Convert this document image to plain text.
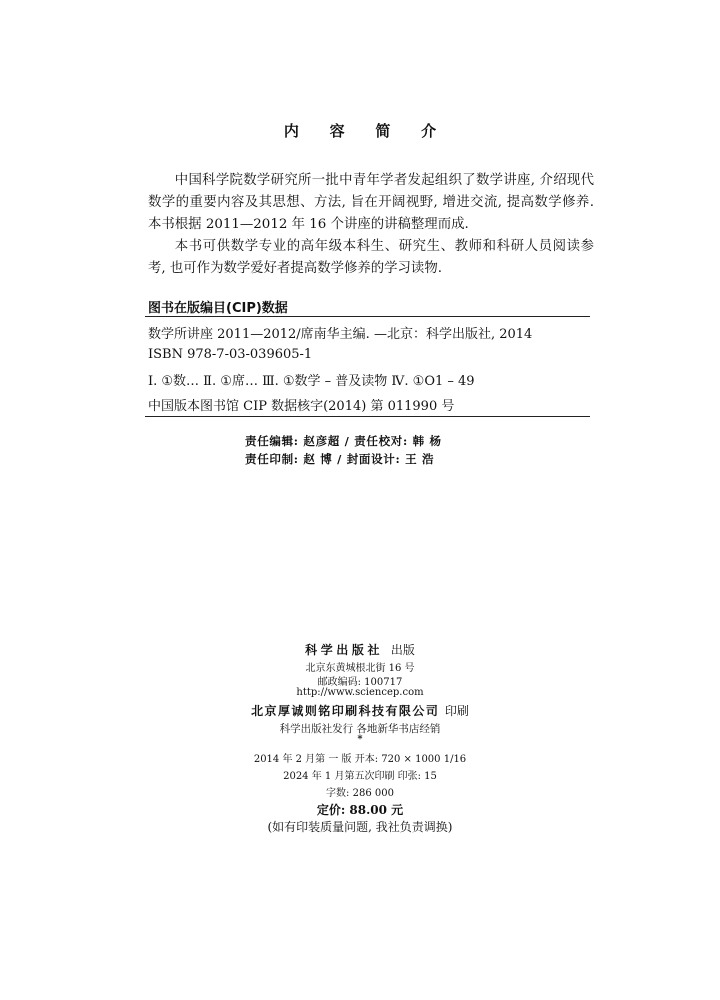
内 容 简 介

中国科学院数学研究所一批中青年学者发起组织了数学讲座, 介绍现代数学的重要内容及其思想、方法, 旨在开阔视野, 增进交流, 提高数学修养. 本书根据 2011—2012 年 16 个讲座的讲稿整理而成.

本书可供数学专业的高年级本科生、研究生、教师和科研人员阅读参考, 也可作为数学爱好者提高数学修养的学习读物.

图书在版编目(CIP)数据
数学所讲座 2011—2012/席南华主编. —北京：科学出版社, 2014
ISBN 978-7-03-039605-1
Ⅰ. ①数… Ⅱ. ①席… Ⅲ. ①数学 – 普及读物 Ⅳ. ①O1 – 49
中国版本图书馆 CIP 数据核字(2014) 第 011990 号
责任编辑: 赵彦超 / 责任校对: 韩 杨
责任印制: 赵 博 / 封面设计: 王 浩
科学出版社 出版
北京东黄城根北街 16 号
邮政编码: 100717
http://www.sciencep.com
北京厚诚则铭印刷科技有限公司 印刷
科学出版社发行 各地新华书店经销
*
2014 年 2 月第 一 版 开本: 720 × 1000 1/16
2024 年 1 月第五次印刷 印张: 15
字数: 286 000
定价: 88.00 元
(如有印装质量问题, 我社负责调换)
